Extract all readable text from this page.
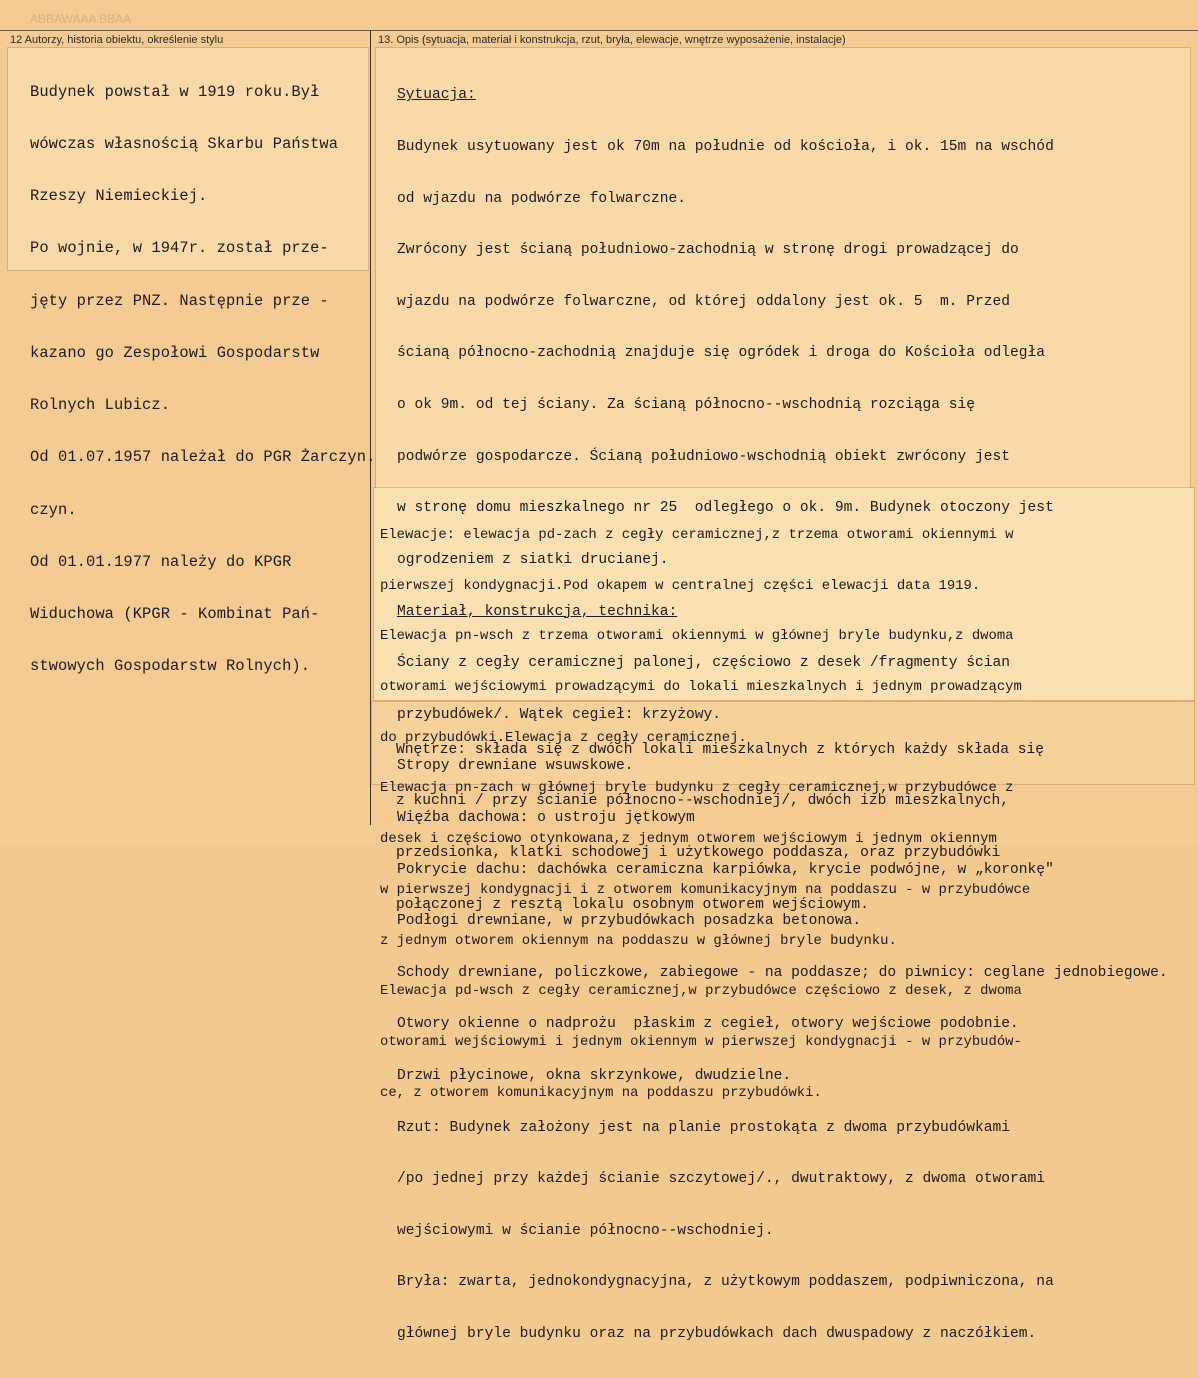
ABBAWAAA BBAA
12 Autorzy, historia obiektu, określenie stylu	13. Opis (sytuacja, materiał i konstrukcja, rzut, bryła, elewacje, wnętrze wyposażenie, instalacje)

Budynek powstał w 1919 roku.Był

wówczas własnością Skarbu Państwa

Rzeszy Niemieckiej.

Po wojnie, w 1947r. został prze-

jęty przez PNZ. Następnie prze -

kazano go Zespołowi Gospodarstw

Rolnych Lubicz.

Od 01.07.1957 należał do PGR Żarczyn.

czyn.

Od 01.01.1977 należy do KPGR

Widuchowa (KPGR - Kombinat Pań-

stwowych Gospodarstw Rolnych).

Sytuacja:

Budynek usytuowany jest ok 70m na południe od kościoła, i ok. 15m na wschód

od wjazdu na podwórze folwarczne.

Zwrócony jest ścianą południowo-zachodnią w stronę drogi prowadzącej do

wjazdu na podwórze folwarczne, od której oddalony jest ok. 5  m. Przed

ścianą północno-zachodnią znajduje się ogródek i droga do Kościoła odległa

o ok 9m. od tej ściany. Za ścianą północno--wschodnią rozciąga się

podwórze gospodarcze. Ścianą południowo-wschodnią obiekt zwrócony jest

w stronę domu mieszkalnego nr 25  odległego o ok. 9m. Budynek otoczony jest

ogrodzeniem z siatki drucianej.

Materiał, konstrukcja, technika:

Ściany z cegły ceramicznej palonej, częściowo z desek /fragmenty ścian

przybudówek/. Wątek cegieł: krzyżowy.

Stropy drewniane wsuwskowe.

Więźba dachowa: o ustroju jętkowym

Pokrycie dachu: dachówka ceramiczna karpiówka, krycie podwójne, w „koronkę"

Podłogi drewniane, w przybudówkach posadzka betonowa.

Schody drewniane, policzkowe, zabiegowe - na poddasze; do piwnicy: ceglane jednobiegowe.

Otwory okienne o nadprożu  płaskim z cegieł, otwory wejściowe podobnie.

Drzwi płycinowe, okna skrzynkowe, dwudzielne.

Rzut: Budynek założony jest na planie prostokąta z dwoma przybudówkami

/po jednej przy każdej ścianie szczytowej/., dwutraktowy, z dwoma otworami

wejściowymi w ścianie północno--wschodniej.

Bryła: zwarta, jednokondygnacyjna, z użytkowym poddaszem, podpiwniczona, na

głównej bryle budynku oraz na przybudówkach dach dwuspadowy z naczółkiem.

Elewacje: elewacja pd-zach z cegły ceramicznej,z trzema otworami okiennymi w

pierwszej kondygnacji.Pod okapem w centralnej części elewacji data 1919.

Elewacja pn-wsch z trzema otworami okiennymi w głównej bryle budynku,z dwoma

otworami wejściowymi prowadzącymi do lokali mieszkalnych i jednym prowadzącym

do przybudówki.Elewacja z cegły ceramicznej.

Elewacja pn-zach w głównej bryle budynku z cegły ceramicznej,w przybudówce z

desek i częściowo otynkowana,z jednym otworem wejściowym i jednym okiennym

w pierwszej kondygnacji i z otworem komunikacyjnym na poddaszu - w przybudówce

z jednym otworem okiennym na poddaszu w głównej bryle budynku.

Elewacja pd-wsch z cegły ceramicznej,w przybudówce częściowo z desek, z dwoma

otworami wejściowymi i jednym okiennym w pierwszej kondygnacji - w przybudów-

ce, z otworem komunikacyjnym na poddaszu przybudówki.

Wnętrze: składa się z dwóch lokali mieszkalnych z których każdy składa się

z kuchni / przy ścianie północno--wschodniej/, dwóch izb mieszkalnych,

przedsionka, klatki schodowej i użytkowego poddasza, oraz przybudówki

połączonej z resztą lokalu osobnym otworem wejściowym.
